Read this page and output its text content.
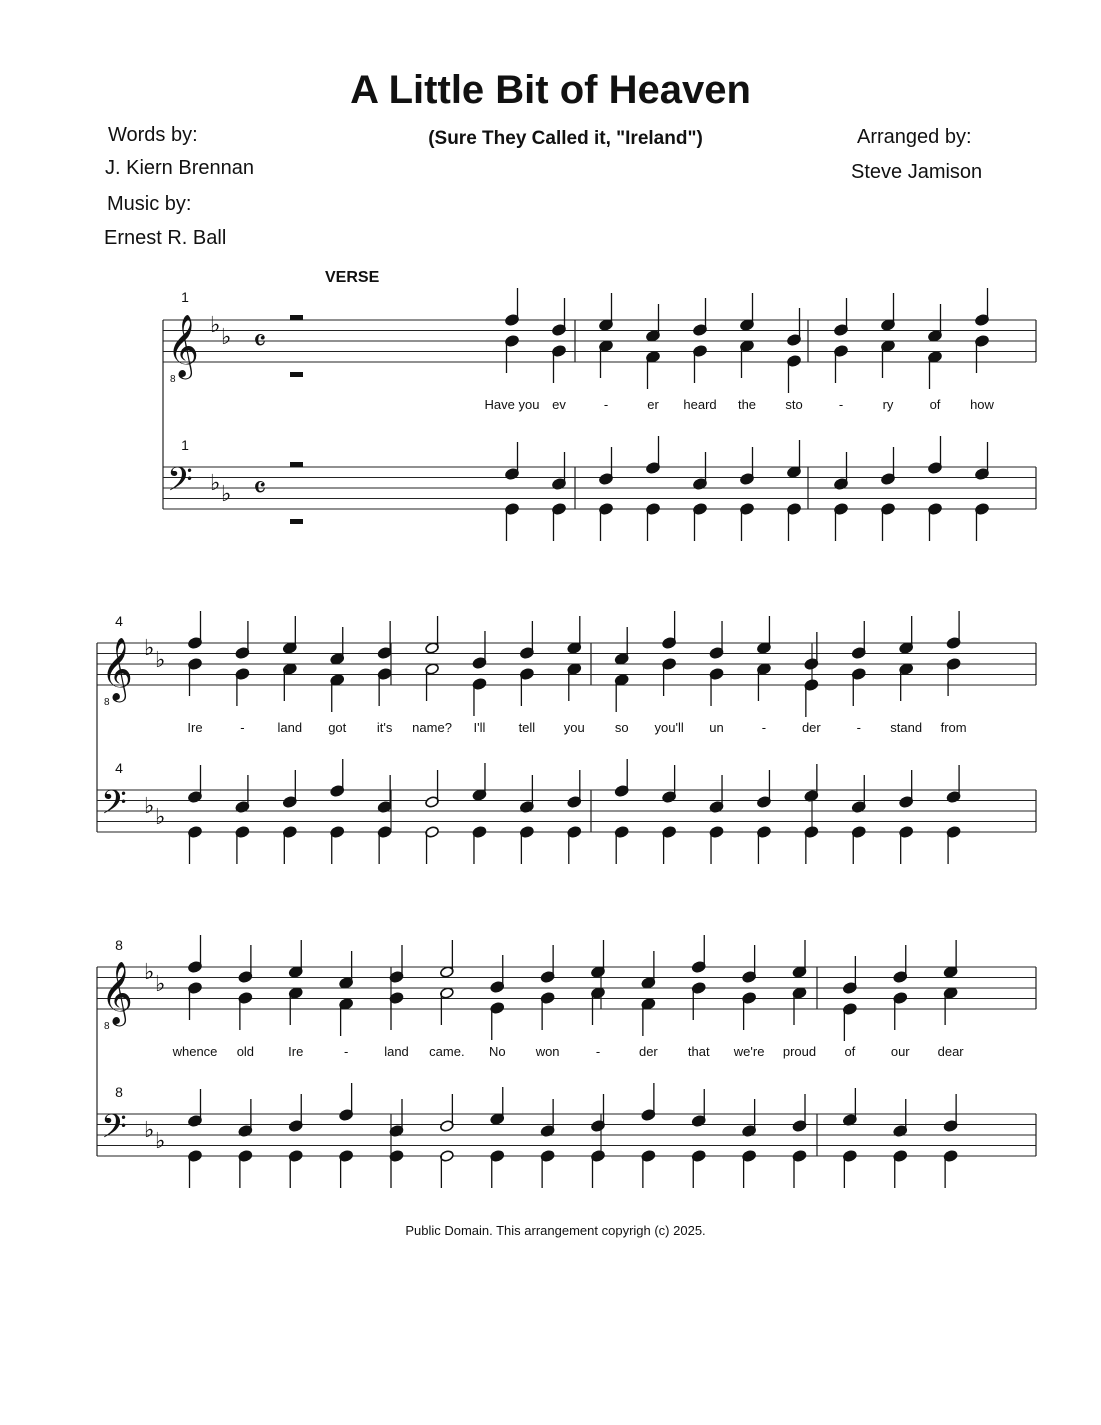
A Little Bit of Heaven
(Sure They Called it, "Ireland")
Words by:
J. Kiern Brennan
Music by:
Ernest R. Ball
Arranged by:
Steve Jamison
VERSE
𝄞
8
𝄢
♭ ♭
♭ ♭
𝄴
𝄴
1
1
Have you ev	-	er heard the sto	-	ry	of how
𝄞
8
𝄢
♭ ♭
♭ ♭
4
4
Ire	-	land got it's name? I'll	tell you so you'll un	-	der	- stand from
𝄞
8
𝄢
♭ ♭
♭ ♭
8
8
whence old	Ire	-	land came. No won	-	der that we're proud of	our dear
Public Domain. This arrangement copyrigh (c) 2025.
